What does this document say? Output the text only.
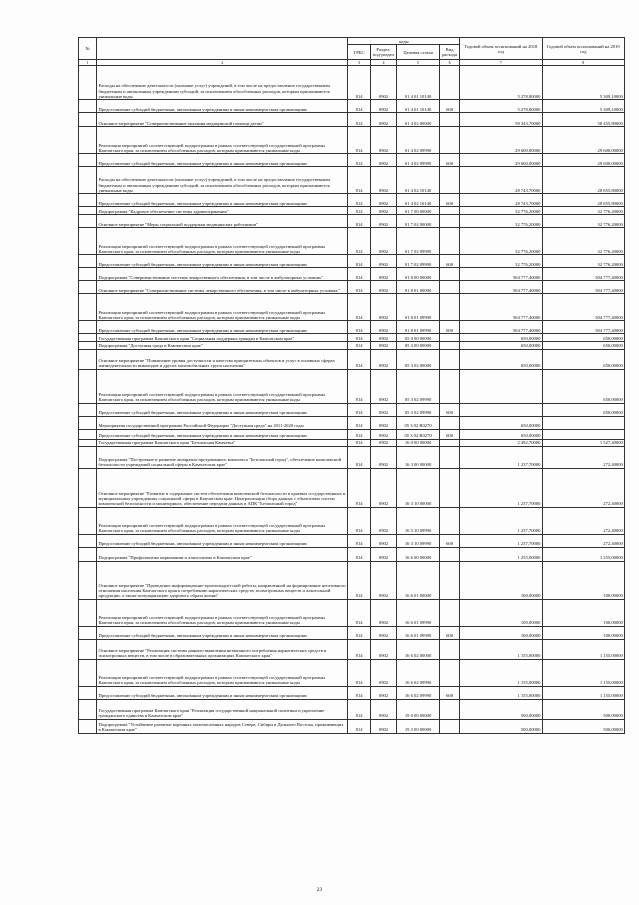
№		коды				Годовой объем ассигнований на 2018 год	Годовой объем ассигнований на 2019 год
		ГРБС	Раздел, под-раздел	Целевая статья	Вид расхода		
1	2	3	4	5	6	7	8
	Расходы на обеспечение деятельности (оказание услуг) учреждений, в том числе на предоставление государственным бюджетным и автономным учреждениям субсидий, за исключением обособленных расходов, которым присваиваются уникальные коды	814	0902	01 4 01 10140		5 278,80000	5 309,10000
	Предоставление субсидий бюджетным, автономным учреждениям и иным некоммерческим организациям	814	0902	01 4 01 10140	600	5 278,80000	5 309,10000
	Основное мероприятие "Совершенствование оказания медицинской помощи детям"	814	0902	01 4 02 00000		58 343,70000	58 455,80000
	Реализация мероприятий соответствующей подпрограммы в рамках соответствующей государственной программы Камчатского края, за исключением обособленных расходов, которым присваиваются уникальные коды	814	0902	01 4 02 09990		29 600,00000	29 600,00000
	Предоставление субсидий бюджетным, автономным учреждениям и иным некоммерческим организациям	814	0902	01 4 02 09990	600	29 600,00000	29 600,00000
	Расходы на обеспечение деятельности (оказание услуг) учреждений, в том числе на предоставление государственным бюджетным и автономным учреждениям субсидий, за исключением обособленных расходов, которым присваиваются уникальные коды	814	0902	01 4 02 10140		28 743,70000	28 855,80000
	Предоставление субсидий бюджетным, автономным учреждениям и иным некоммерческим организациям	814	0902	01 4 02 10140	600	28 743,70000	28 855,80000
	Подпрограмма "Кадровое обеспечение системы здравоохранения"	814	0902	01 7 00 00000		32 776,20000	32 776,20000
	Основное мероприятие "Меры социальной поддержки медицинских работников"	814	0902	01 7 02 00000		32 776,20000	32 776,20000
	Реализация мероприятий соответствующей подпрограммы в рамках соответствующей государственной программы Камчатского края, за исключением обособленных расходов, которым присваиваются уникальные коды	814	0902	01 7 02 09990		32 776,20000	32 776,20000
	Предоставление субсидий бюджетным, автономным учреждениям и иным некоммерческим организациям	814	0902	01 7 02 09990	600	32 776,20000	32 776,20000
	Подпрограмма "Совершенствование системы лекарственного обеспечения, в том числе в амбулаторных условиях"	814	0902	01 8 00 00000		504 777,40000	504 777,40000
	Основное мероприятие "Совершенствование системы лекарственного обеспечения, в том числе в амбулаторных условиях"	814	0902	01 8 01 00000		504 777,40000	504 777,40000
	Реализация мероприятий соответствующей подпрограммы в рамках соответствующей государственной программы Камчатского края, за исключением обособленных расходов, которым присваиваются уникальные коды	814	0902	01 8 01 09990		504 777,40000	504 777,40000
	Предоставление субсидий бюджетным, автономным учреждениям и иным некоммерческим организациям	814	0902	01 8 01 09990	600	504 777,40000	504 777,40000
	Государственная программа Камчатского края "Социальная поддержка граждан в Камчатском крае"	814	0902	05 0 00 00000		650,00000	650,00000
	Подпрограмма "Доступная среда в Камчатском крае"	814	0902	05 3 00 00000		650,00000	650,00000
	Основное мероприятие "Повышение уровня доступности и качества приоритетных объектов и услуг в основных сферах жизнедеятельности инвалидов и других маломобильных групп населения"	814	0902	05 3 02 00000		650,00000	650,00000
	Реализация мероприятий соответствующей подпрограммы в рамках соответствующей государственной программы Камчатского края, за исключением обособленных расходов, которым присваиваются уникальные коды	814	0902	05 3 02 09990			650,00000
	Предоставление субсидий бюджетным, автономным учреждениям и иным некоммерческим организациям	814	0902	05 3 02 09990	600		650,00000
	Мероприятия государственной программы Российской Федерации "Доступная среда" на 2011-2020 годы	814	0902	05 3 02 R0270		650,00000	
	Предоставление субсидий бюджетным, автономным учреждениям и иным некоммерческим организациям	814	0902	05 3 02 R0270	600	650,00000	
	Государственная программа Камчатского края "Безопасная Камчатка"	814	0902	16 0 00 00000		2 492,70000	1 527,40000
	Подпрограмма "Построение и развитие аппаратно-программного комплекса "Безопасный город", обеспечение комплексной безопасности учреждений социальной сферы в Камчатском крае"	814	0902	16 3 00 00000		1 237,70000	272,40000
	Основное мероприятие "Развитие и содержание систем обеспечения комплексной безопасности в краевых государственных и муниципальных учреждениях социальной сферы в Камчатском крае. Централизация сбора данных с объектовых систем комплексной безопасности и мониторинга, обеспечение передачи данных в АПК "Безопасный город"	814	0902	16 3 10 00000		1 237,70000	272,40000
	Реализация мероприятий соответствующей подпрограммы в рамках соответствующей государственной программы Камчатского края, за исключением обособленных расходов, которым присваиваются уникальные коды	814	0902	16 3 10 09990		1 237,70000	272,40000
	Предоставление субсидий бюджетным, автономным учреждениям и иным некоммерческим организациям	814	0902	16 3 10 09990	600	1 237,70000	272,40000
	Подпрограмма "Профилактика наркомании и алкоголизма в Камчатском крае"	814	0902	16 6 00 00000		1 255,00000	1 255,00000
	Основное мероприятие "Проведение информационно-пропагандистской работы, направленной на формирование негативного отношения населения Камчатского края к потреблению наркотических средств, психотропных веществ и алкогольной продукции, а также популяризацию здорового образа жизни"	814	0902	16 6 01 00000		100,00000	100,00000
	Реализация мероприятий соответствующей подпрограммы в рамках соответствующей государственной программы Камчатского края, за исключением обособленных расходов, которым присваиваются уникальные коды	814	0902	16 6 01 09990		100,00000	100,00000
	Предоставление субсидий бюджетным, автономным учреждениям и иным некоммерческим организациям	814	0902	16 6 01 09990	600	100,00000	100,00000
	Основное мероприятие "Реализация системы раннего выявления незаконного потребления наркотических средств и психотропных веществ, в том числе в образовательных организациях Камчатского края"	814	0902	16 6 02 00000		1 155,00000	1 155,00000
	Реализация мероприятий соответствующей подпрограммы в рамках соответствующей государственной программы Камчатского края, за исключением обособленных расходов, которым присваиваются уникальные коды	814	0902	16 6 02 09990		1 155,00000	1 155,00000
	Предоставление субсидий бюджетным, автономным учреждениям и иным некоммерческим организациям	814	0902	16 6 02 09990	600	1 155,00000	1 155,00000
	Государственная программа Камчатского края "Реализация государственной национальной политики и укрепление гражданского единства в Камчатском крае"	814	0902	19 0 00 00000		500,00000	500,00000
	Подпрограмма "Устойчивое развитие коренных малочисленных народов Севера, Сибири и Дальнего Востока, проживающих в Камчатском крае"	814	0902	19 3 00 00000		500,00000	500,00000
23
